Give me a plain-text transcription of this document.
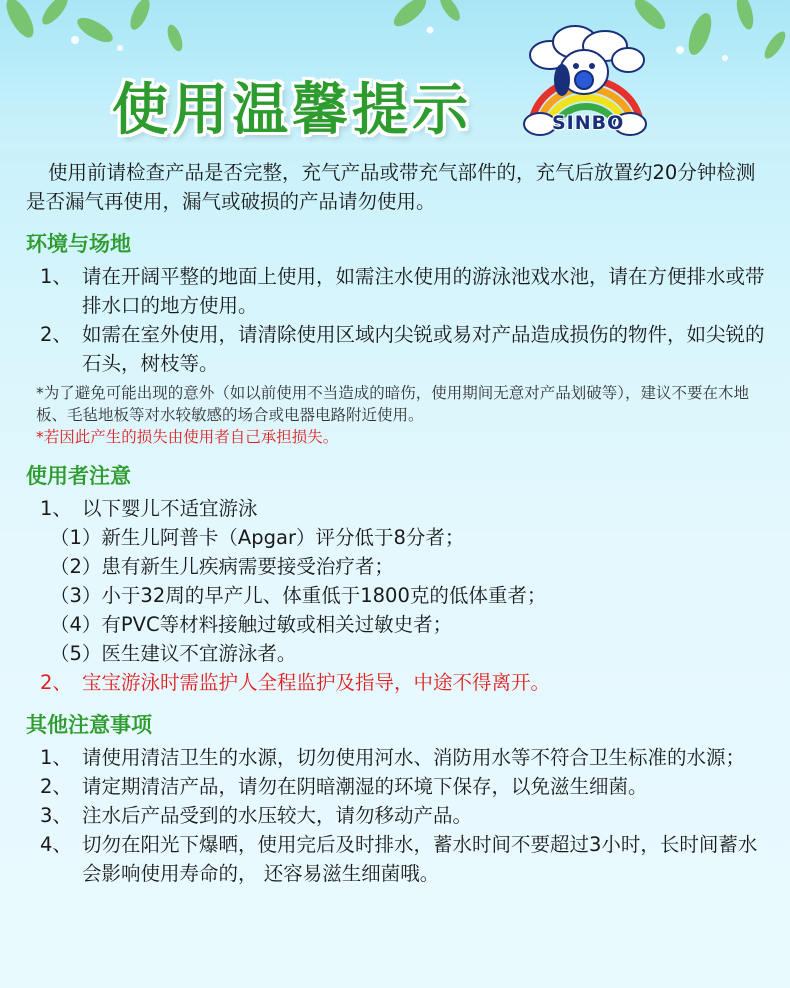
使用温馨提示	SINBO
使用前请检查产品是否完整，充气产品或带充气部件的，充气后放置约20分钟检测是否漏气再使用，漏气或破损的产品请勿使用。
环境与场地
1、 请在开阔平整的地面上使用，如需注水使用的游泳池戏水池，请在方便排水或带排水口的地方使用。
2、 如需在室外使用，请清除使用区域内尖锐或易对产品造成损伤的物件，如尖锐的石头，树枝等。
*为了避免可能出现的意外（如以前使用不当造成的暗伤，使用期间无意对产品划破等），建议不要在木地板、毛毡地板等对水较敏感的场合或电器电路附近使用。
*若因此产生的损失由使用者自己承担损失。
使用者注意
1、 以下婴儿不适宜游泳
（1）新生儿阿普卡（Apgar）评分低于8分者；
（2）患有新生儿疾病需要接受治疗者；
（3）小于32周的早产儿、体重低于1800克的低体重者；
（4）有PVC等材料接触过敏或相关过敏史者；
（5）医生建议不宜游泳者。
2、 宝宝游泳时需监护人全程监护及指导，中途不得离开。
其他注意事项
1、 请使用清洁卫生的水源，切勿使用河水、消防用水等不符合卫生标准的水源；
2、 请定期清洁产品，请勿在阴暗潮湿的环境下保存，以免滋生细菌。
3、 注水后产品受到的水压较大，请勿移动产品。
4、 切勿在阳光下爆晒，使用完后及时排水，蓄水时间不要超过3小时，长时间蓄水会影响使用寿命的， 还容易滋生细菌哦。
